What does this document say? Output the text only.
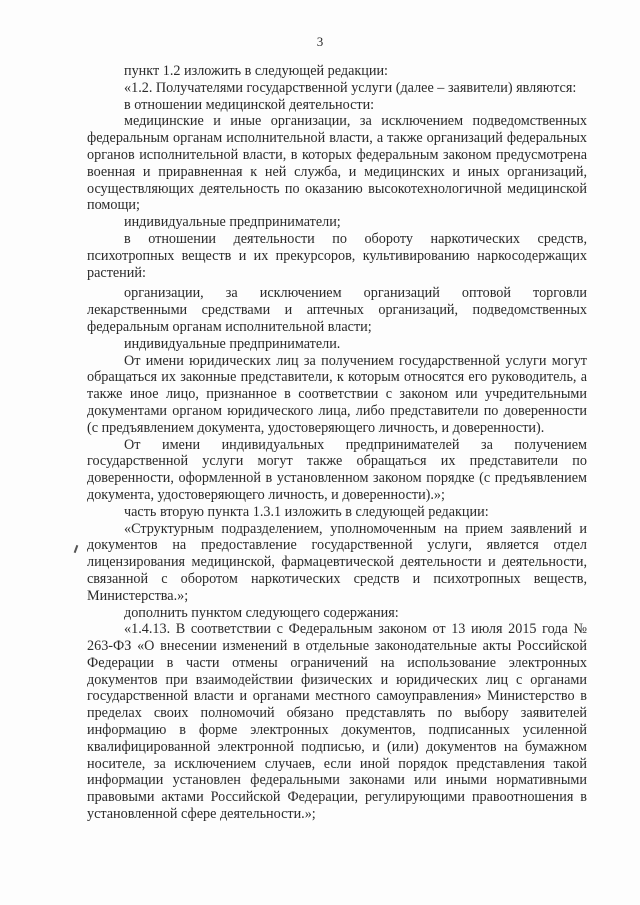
3

пункт 1.2 изложить в следующей редакции:

«1.2. Получателями государственной услуги (далее – заявители) являются:

в отношении медицинской деятельности:

медицинские и иные организации, за исключением подведомственных федеральным органам исполнительной власти, а также организаций федеральных органов исполнительной власти, в которых федеральным законом предусмотрена военная и приравненная к ней служба, и медицинских и иных организаций, осуществляющих деятельность по оказанию высокотехнологичной медицинской помощи;

индивидуальные предприниматели;

в отношении деятельности по обороту наркотических средств, психотропных веществ и их прекурсоров, культивированию наркосодержащих растений:

организации, за исключением организаций оптовой торговли лекарственными средствами и аптечных организаций, подведомственных федеральным органам исполнительной власти;

индивидуальные предприниматели.

От имени юридических лиц за получением государственной услуги могут обращаться их законные представители, к которым относятся его руководитель, а также иное лицо, признанное в соответствии с законом или учредительными документами органом юридического лица, либо представители по доверенности (с предъявлением документа, удостоверяющего личность, и доверенности).

От имени индивидуальных предпринимателей за получением государственной услуги могут также обращаться их представители по доверенности, оформленной в установленном законом порядке (с предъявлением документа, удостоверяющего личность, и доверенности).»;

часть вторую пункта 1.3.1 изложить в следующей редакции:

«Структурным подразделением, уполномоченным на прием заявлений и документов на предоставление государственной услуги, является отдел лицензирования медицинской, фармацевтической деятельности и деятельности, связанной с оборотом наркотических средств и психотропных веществ, Министерства.»;

дополнить пунктом следующего содержания:

«1.4.13. В соответствии с Федеральным законом от 13 июля 2015 года № 263-ФЗ «О внесении изменений в отдельные законодательные акты Российской Федерации в части отмены ограничений на использование электронных документов при взаимодействии физических и юридических лиц с органами государственной власти и органами местного самоуправления» Министерство в пределах своих полномочий обязано представлять по выбору заявителей информацию в форме электронных документов, подписанных усиленной квалифицированной электронной подписью, и (или) документов на бумажном носителе, за исключением случаев, если иной порядок представления такой информации установлен федеральными законами или иными нормативными правовыми актами Российской Федерации, регулирующими правоотношения в установленной сфере деятельности.»;
